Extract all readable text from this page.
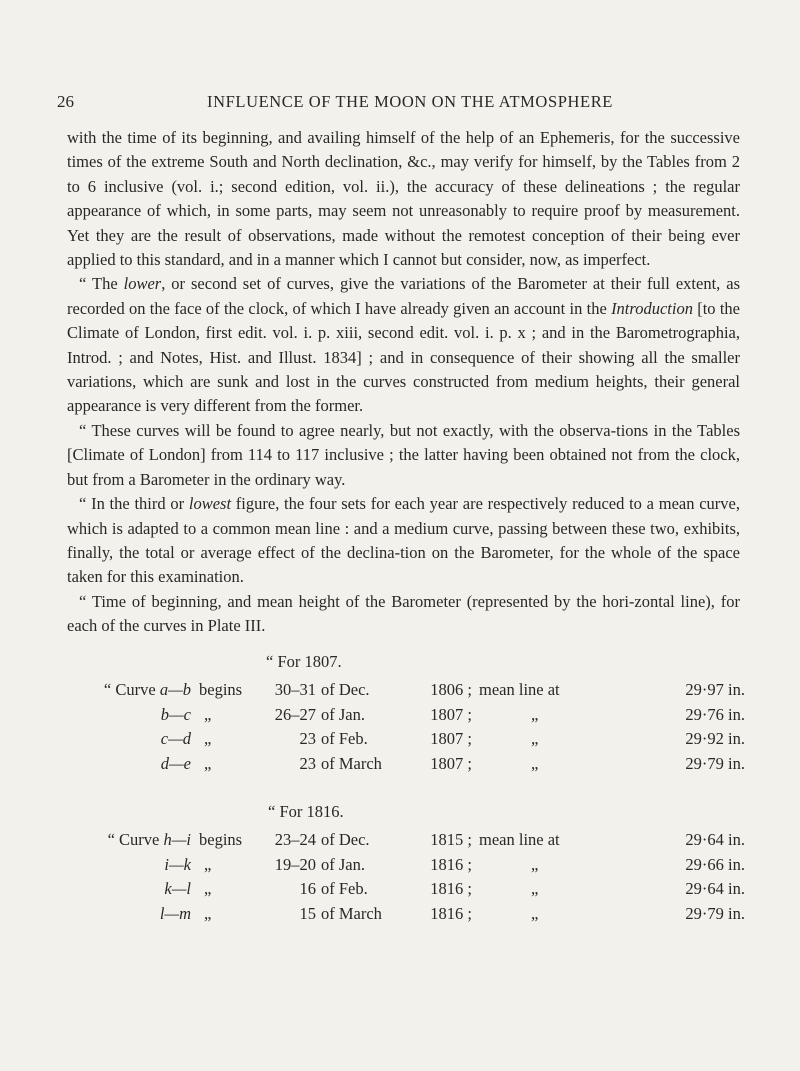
26	INFLUENCE OF THE MOON ON THE ATMOSPHERE

with the time of its beginning, and availing himself of the help of an Ephemeris, for the successive times of the extreme South and North declination, &c., may verify for himself, by the Tables from 2 to 6 inclusive (vol. i.; second edition, vol. ii.), the accuracy of these delineations ; the regular appearance of which, in some parts, may seem not unreasonably to require proof by measurement. Yet they are the result of observations, made without the remotest conception of their being ever applied to this standard, and in a manner which I cannot but consider, now, as imperfect.

“ The lower, or second set of curves, give the variations of the Barometer at their full extent, as recorded on the face of the clock, of which I have already given an account in the Introduction [to the Climate of London, first edit. vol. i. p. xiii, second edit. vol. i. p. x ; and in the Barometrographia, Introd. ; and Notes, Hist. and Illust. 1834] ; and in consequence of their showing all the smaller variations, which are sunk and lost in the curves constructed from medium heights, their general appearance is very different from the former.

“ These curves will be found to agree nearly, but not exactly, with the observa-tions in the Tables [Climate of London] from 114 to 117 inclusive ; the latter having been obtained not from the clock, but from a Barometer in the ordinary way.

“ In the third or lowest figure, the four sets for each year are respectively reduced to a mean curve, which is adapted to a common mean line : and a medium curve, passing between these two, exhibits, finally, the total or average effect of the declina-tion on the Barometer, for the whole of the space taken for this examination.

“ Time of beginning, and mean height of the Barometer (represented by the hori-zontal line), for each of the curves in Plate III.

“ For 1807.
“ Curve a—b begins 30–31 of Dec.	1806 ; mean line at	29·97 in.
b—c „	26–27 of Jan.	1807 ;	„	29·76 in.
c—d „	23 of Feb.	1807 ;	„	29·92 in.
d—e „	23 of March	1807 ;	„	29·79 in.
“ For 1816.
“ Curve h—i begins 23–24 of Dec.	1815 ; mean line at	29·64 in.
i—k „	19–20 of Jan.	1816 ;	„	29·66 in.
k—l „	16 of Feb.	1816 ;	„	29·64 in.
l—m „	15 of March	1816 ;	„	29·79 in.
